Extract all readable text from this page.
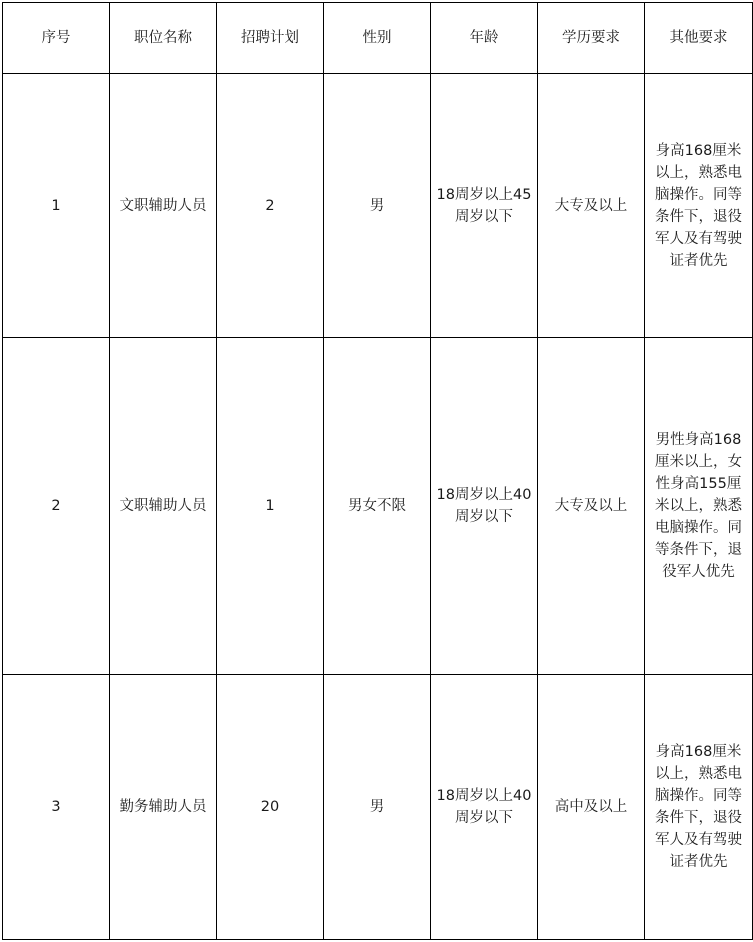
序号	职位名称	招聘计划	性别	年龄	学历要求	其他要求
1	文职辅助人员	2	男	18周岁以上45周岁以下	大专及以上	身高168厘米以上，熟悉电脑操作。同等条件下，退役军人及有驾驶证者优先
2	文职辅助人员	1	男女不限	18周岁以上40周岁以下	大专及以上	男性身高168厘米以上，女性身高155厘米以上，熟悉电脑操作。同等条件下，退役军人优先
3	勤务辅助人员	20	男	18周岁以上40周岁以下	高中及以上	身高168厘米以上，熟悉电脑操作。同等条件下，退役军人及有驾驶证者优先
